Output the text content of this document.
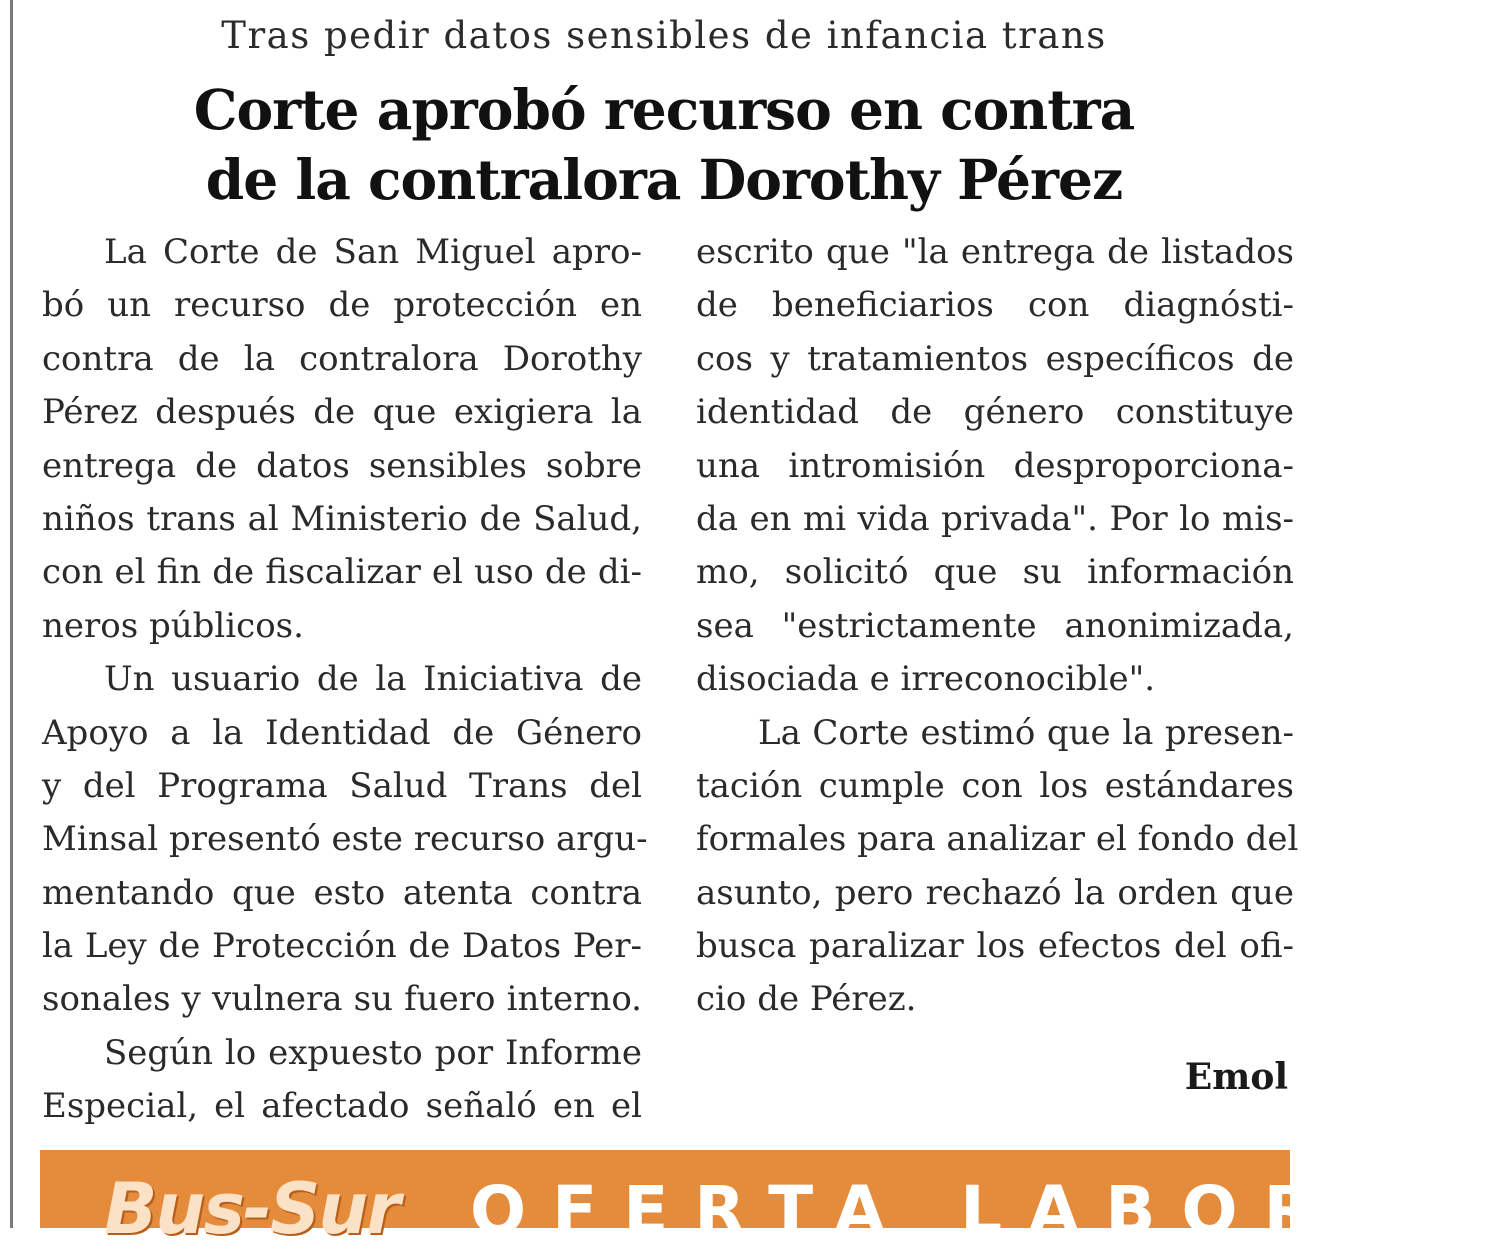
Tras pedir datos sensibles de infancia trans
Corte aprobó recurso en contra
de la contralora Dorothy Pérez
La Corte de San Miguel apro-
bó un recurso de protección en
contra de la contralora Dorothy
Pérez después de que exigiera la
entrega de datos sensibles sobre
niños trans al Ministerio de Salud,
con el fin de fiscalizar el uso de di-
neros públicos.
Un usuario de la Iniciativa de
Apoyo a la Identidad de Género
y del Programa Salud Trans del
Minsal presentó este recurso argu-
mentando que esto atenta contra
la Ley de Protección de Datos Per-
sonales y vulnera su fuero interno.
Según lo expuesto por Informe
Especial, el afectado señaló en el
escrito que "la entrega de listados
de beneficiarios con diagnósti-
cos y tratamientos específicos de
identidad de género constituye
una intromisión desproporciona-
da en mi vida privada". Por lo mis-
mo, solicitó que su información
sea "estrictamente anonimizada,
disociada e irreconocible".
La Corte estimó que la presen-
tación cumple con los estándares
formales para analizar el fondo del
asunto, pero rechazó la orden que
busca paralizar los efectos del ofi-
cio de Pérez.
Emol
Bus-Sur OFERTA LABORAL
